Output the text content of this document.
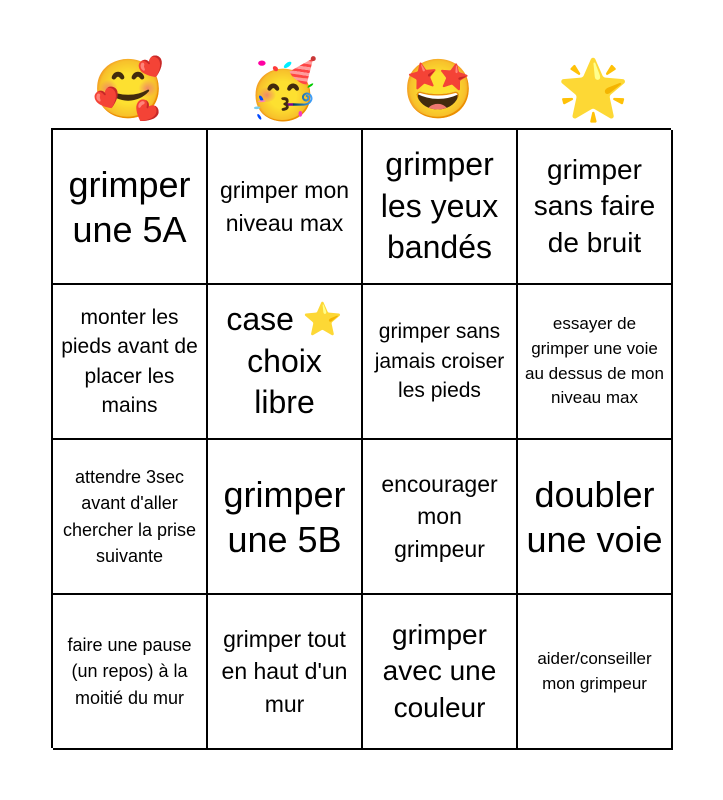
🥰 🥳 🤩 🌟
grimper une 5A
grimper mon niveau max
grimper les yeux bandés
grimper sans faire de bruit
monter les pieds avant de placer les mains
case ⭐ choix libre
grimper sans jamais croiser les pieds
essayer de grimper une voie au dessus de mon niveau max
attendre 3sec avant d'aller chercher la prise suivante
grimper une 5B
encourager mon grimpeur
doubler une voie
faire une pause (un repos) à la moitié du mur
grimper tout en haut d'un mur
grimper avec une couleur
aider/conseiller mon grimpeur
